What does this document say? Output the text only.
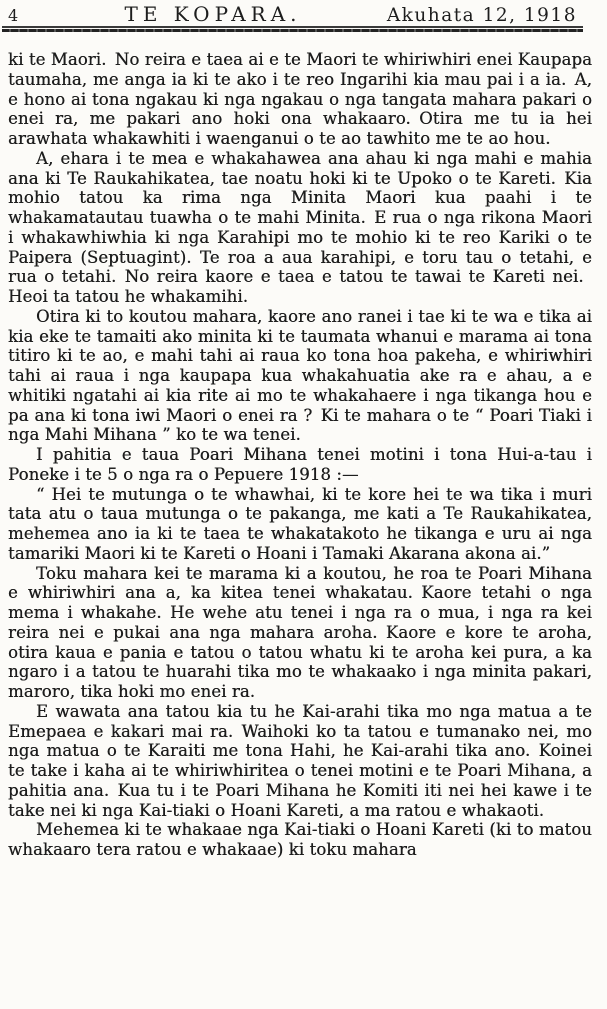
4	TE KOPARA.	Akuhata 12, 1918

ki te Maori. No reira e taea ai e te Maori te whiriwhiri enei Kaupapa taumaha, me anga ia ki te ako i te reo Ingarihi kia mau pai i a ia. A, e hono ai tona ngakau ki nga ngakau o nga tangata mahara pakari o enei ra, me pakari ano hoki ona whakaaro. Otira me tu ia hei arawhata whakawhiti i waenganui o te ao tawhito me te ao hou.

A, ehara i te mea e whakahawea ana ahau ki nga mahi e mahia ana ki Te Raukahikatea, tae noatu hoki ki te Upoko o te Kareti. Kia mohio tatou ka rima nga Minita Maori kua paahi i te whakamatautau tuawha o te mahi Minita. E rua o nga rikona Maori i whakawhiwhia ki nga Karahipi mo te mohio ki te reo Kariki o te Paipera (Septuagint). Te roa a aua karahipi, e toru tau o tetahi, e rua o tetahi. No reira kaore e taea e tatou te tawai te Kareti nei. Heoi ta tatou he whakamihi.

Otira ki to koutou mahara, kaore ano ranei i tae ki te wa e tika ai kia eke te tamaiti ako minita ki te taumata whanui e marama ai tona titiro ki te ao, e mahi tahi ai raua ko tona hoa pakeha, e whiriwhiri tahi ai raua i nga kaupapa kua whakahuatia ake ra e ahau, a e whitiki ngatahi ai kia rite ai mo te whakahaere i nga tikanga hou e pa ana ki tona iwi Maori o enei ra ? Ki te mahara o te “ Poari Tiaki i nga Mahi Mihana ” ko te wa tenei.

I pahitia e taua Poari Mihana tenei motini i tona Hui-a-tau i Poneke i te 5 o nga ra o Pepuere 1918 :—

“ Hei te mutunga o te whawhai, ki te kore hei te wa tika i muri tata atu o taua mutunga o te pakanga, me kati a Te Raukahikatea, mehemea ano ia ki te taea te whakatakoto he tikanga e uru ai nga tamariki Maori ki te Kareti o Hoani i Tamaki Akarana akona ai.”

Toku mahara kei te marama ki a koutou, he roa te Poari Mihana e whiriwhiri ana a, ka kitea tenei whakatau. Kaore tetahi o nga mema i whakahe. He wehe atu tenei i nga ra o mua, i nga ra kei reira nei e pukai ana nga mahara aroha. Kaore e kore te aroha, otira kaua e pania e tatou o tatou whatu ki te aroha kei pura, a ka ngaro i a tatou te huarahi tika mo te whakaako i nga minita pakari, maroro, tika hoki mo enei ra.

E wawata ana tatou kia tu he Kai-arahi tika mo nga matua a te Emepaea e kakari mai ra. Waihoki ko ta tatou e tumanako nei, mo nga matua o te Karaiti me tona Hahi, he Kai-arahi tika ano. Koinei te take i kaha ai te whiriwhiritea o tenei motini e te Poari Mihana, a pahitia ana. Kua tu i te Poari Mihana he Komiti iti nei hei kawe i te take nei ki nga Kai-tiaki o Hoani Kareti, a ma ratou e whakaoti.

Mehemea ki te whakaae nga Kai-tiaki o Hoani Kareti (ki to matou whakaaro tera ratou e whakaae) ki toku mahara
